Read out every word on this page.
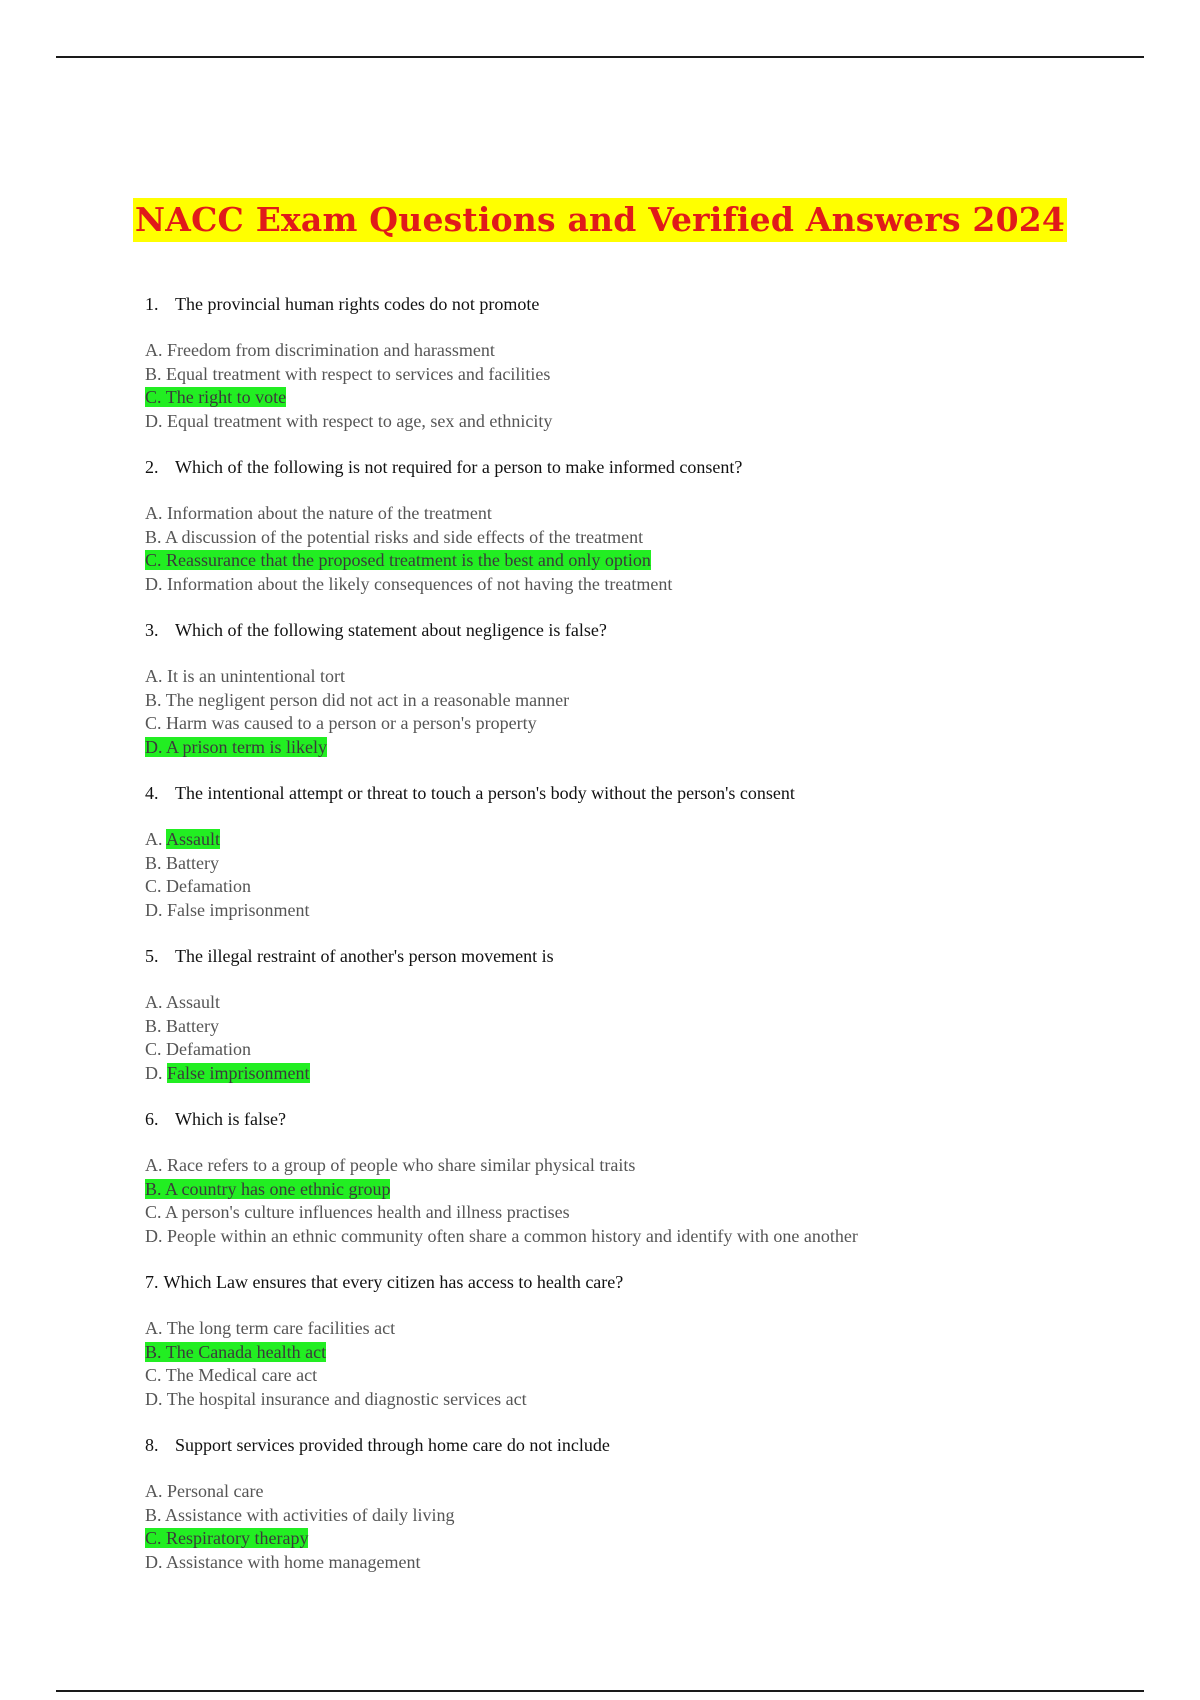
NACC Exam Questions and Verified Answers 2024
1. The provincial human rights codes do not promote
A. Freedom from discrimination and harassment
B. Equal treatment with respect to services and facilities
C. The right to vote
D. Equal treatment with respect to age, sex and ethnicity
2. Which of the following is not required for a person to make informed consent?
A. Information about the nature of the treatment
B. A discussion of the potential risks and side effects of the treatment
C. Reassurance that the proposed treatment is the best and only option
D. Information about the likely consequences of not having the treatment
3. Which of the following statement about negligence is false?
A. It is an unintentional tort
B. The negligent person did not act in a reasonable manner
C. Harm was caused to a person or a person's property
D. A prison term is likely
4. The intentional attempt or threat to touch a person's body without the person's consent
A. Assault
B. Battery
C. Defamation
D. False imprisonment
5. The illegal restraint of another's person movement is
A. Assault
B. Battery
C. Defamation
D. False imprisonment
6. Which is false?
A. Race refers to a group of people who share similar physical traits
B. A country has one ethnic group
C. A person's culture influences health and illness practises
D. People within an ethnic community often share a common history and identify with one another
7. Which Law ensures that every citizen has access to health care?
A. The long term care facilities act
B. The Canada health act
C. The Medical care act
D. The hospital insurance and diagnostic services act
8. Support services provided through home care do not include
A. Personal care
B. Assistance with activities of daily living
C. Respiratory therapy
D. Assistance with home management
